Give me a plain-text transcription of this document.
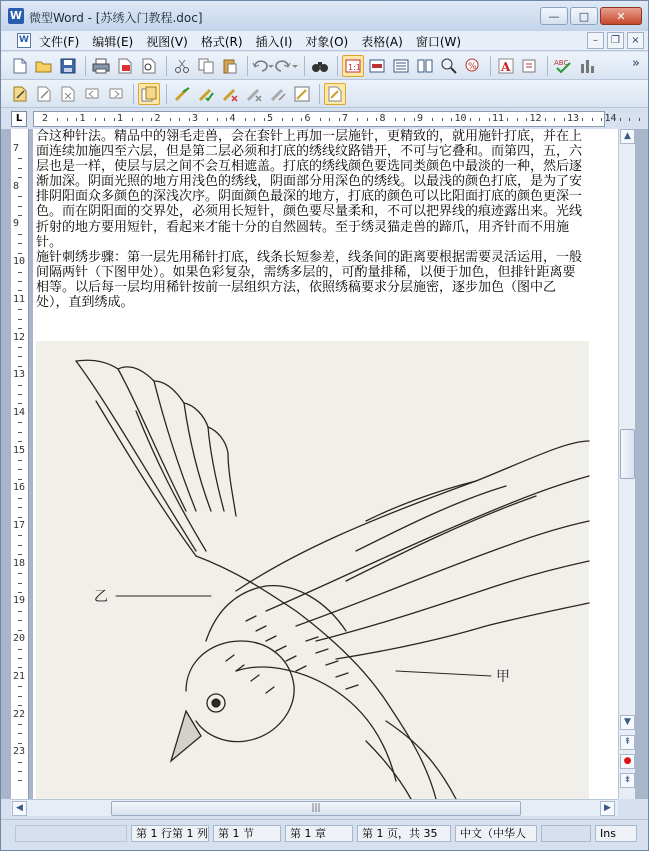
W 微型Word - [苏绣入门教程.doc]	—	□	✕
W 文件(F) 编辑(E) 视图(V) 格式(R) 插入(I) 对象(O) 表格(A) 窗口(W)	–	❐	×
1:1	% A	ABC	»
L	2	1	1	2	3	4	5	6	7	8	9	10	11	12	13	14
7
8
9
10
11
12
13
14
15
16
17
18
19
20
21
22
23

合这种针法。精品中的翎毛走兽，会在套针上再加一层施针，更精致的，就用施针打底，并在上面连续加施四至六层，但是第二层必须和打底的绣线纹路错开，不可与它叠和。而第四，五，六层也是一样，使层与层之间不会互相遮盖。打底的绣线颜色要选同类颜色中最淡的一种，然后逐渐加深。阴面光照的地方用浅色的绣线，阴面部分用深色的绣线。以最浅的颜色打底，是为了安排阴阳面众多颜色的深浅次序。阴面颜色最深的地方，打底的颜色可以比阳面打底的颜色更深一色。而在阴阳面的交界处，必须用长短针，颜色要尽量柔和，不可以把界线的痕迹露出来。光线折射的地方要用短针，看起来才能十分的自然圆转。至于绣灵猫走兽的蹄爪，用齐针而不用施针。

施针刺绣步骤：第一层先用稀针打底，线条长短参差，线条间的距离要根据需要灵活运用，一般间隔两针（下图甲处）。如果色彩复杂，需绣多层的，可酌量排稀，以便于加色，但排针距离要相等。以后每一层均用稀针按前一层组织方法，依照绣稿要求分层施密，逐步加色（图中乙处），直到绣成。

乙
甲
▲
▼
⇞
●
⇟
◀	|||	▶
第 1 行第 1 列 第 1 节	第 1 章	第 1 页，共 35	中文（中华人	Ins
